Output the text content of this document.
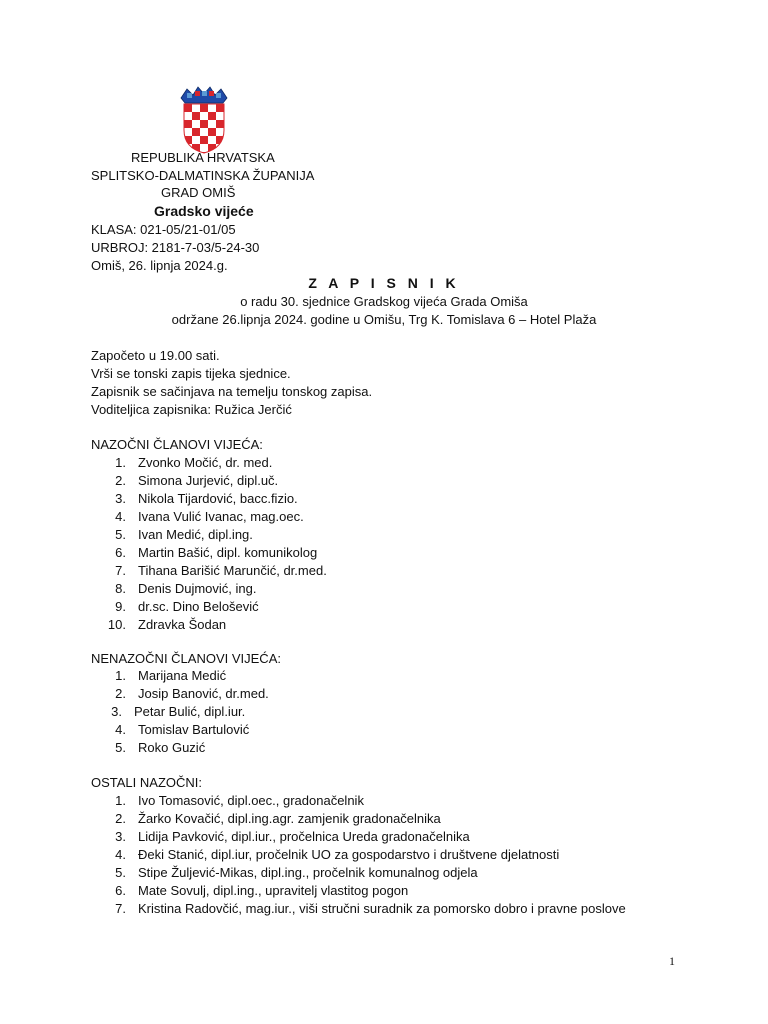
REPUBLIKA HRVATSKA
SPLITSKO-DALMATINSKA ŽUPANIJA
GRAD OMIŠ
Gradsko vijeće
KLASA: 021-05/21-01/05
URBROJ: 2181-7-03/5-24-30
Omiš, 26. lipnja 2024.g.
Z A P I S N I K
o radu 30. sjednice Gradskog vijeća Grada Omiša
održane 26.lipnja 2024. godine u Omišu, Trg K. Tomislava 6 – Hotel Plaža
Započeto u 19.00 sati.
Vrši se tonski zapis tijeka sjednice.
Zapisnik se sačinjava na temelju tonskog zapisa.
Voditeljica zapisnika: Ružica Jerčić
NAZOČNI ČLANOVI VIJEĆA:
1. Zvonko Močić, dr. med.
2. Simona Jurjević, dipl.uč.
3. Nikola Tijardović, bacc.fizio.
4. Ivana Vulić Ivanac, mag.oec.
5. Ivan Medić, dipl.ing.
6. Martin Bašić, dipl. komunikolog
7. Tihana Barišić Marunčić, dr.med.
8. Denis Dujmović, ing.
9. dr.sc. Dino Belošević
10. Zdravka Šodan
NENAZOČNI ČLANOVI VIJEĆA:
1. Marijana Medić
2. Josip Banović, dr.med.
3. Petar Bulić, dipl.iur.
4. Tomislav Bartulović
5. Roko Guzić
OSTALI NAZOČNI:
1. Ivo Tomasović, dipl.oec., gradonačelnik
2. Žarko Kovačić, dipl.ing.agr. zamjenik gradonačelnika
3. Lidija Pavković, dipl.iur., pročelnica Ureda gradonačelnika
4. Đeki Stanić, dipl.iur, pročelnik UO za gospodarstvo i društvene djelatnosti
5. Stipe Žuljević-Mikas, dipl.ing., pročelnik komunalnog odjela
6. Mate Sovulj, dipl.ing., upravitelj vlastitog pogon
7. Kristina Radovčić, mag.iur., viši stručni suradnik za pomorsko dobro i pravne poslove
1
